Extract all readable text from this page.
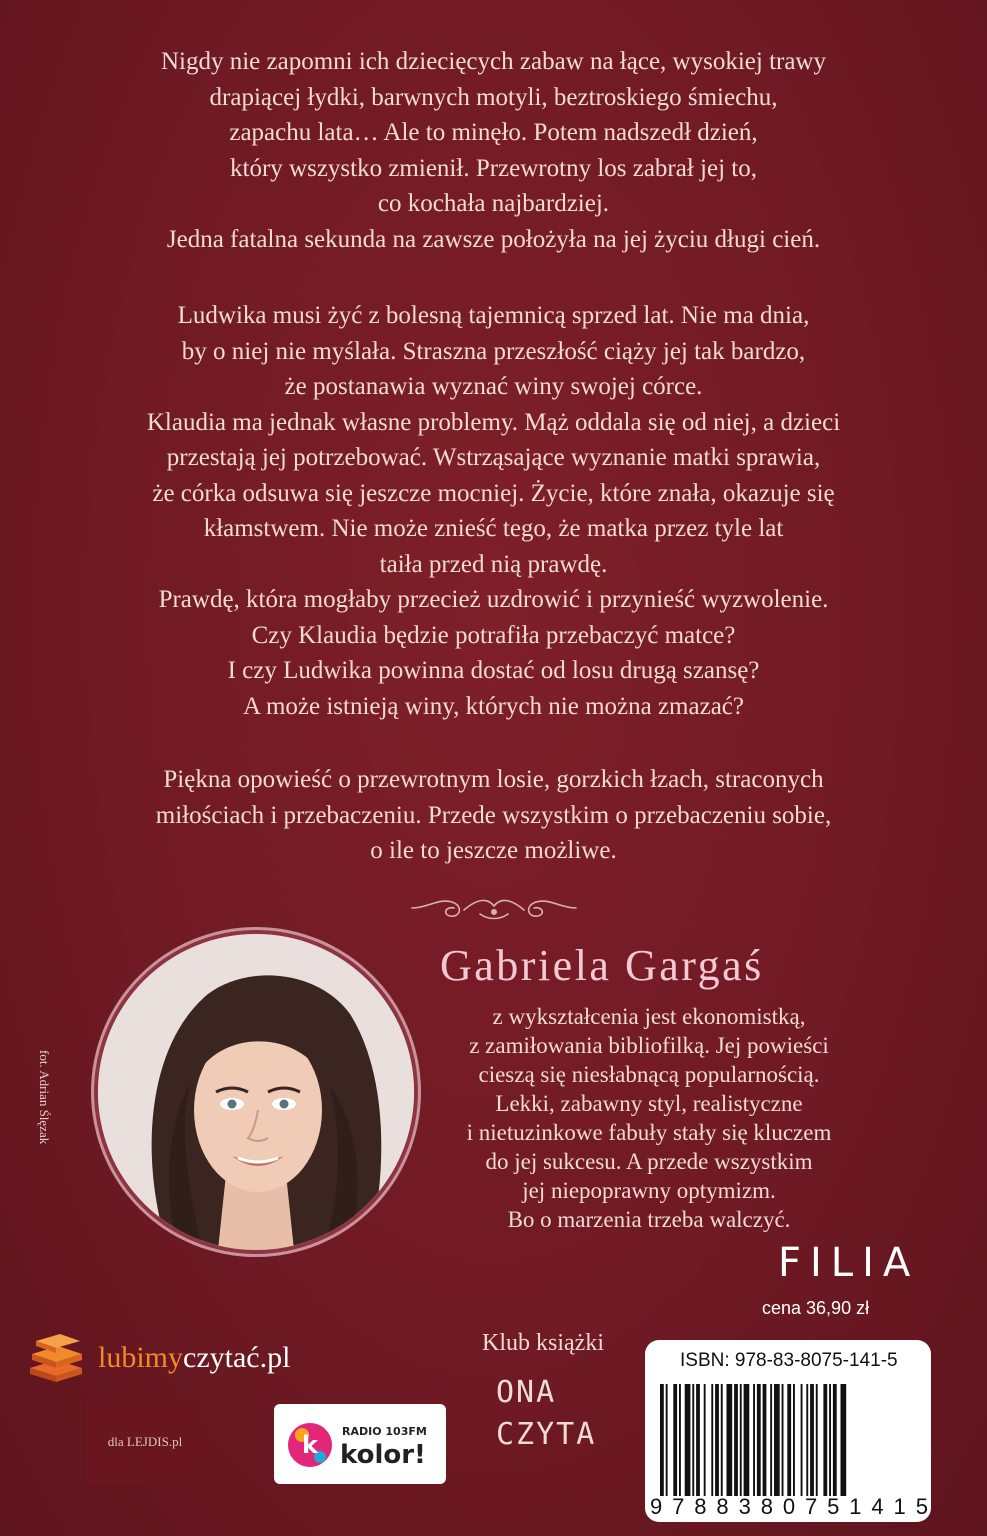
Nigdy nie zapomni ich dziecięcych zabaw na łące, wysokiej trawy
drapiącej łydki, barwnych motyli, beztroskiego śmiechu,
zapachu lata… Ale to minęło. Potem nadszedł dzień,
który wszystko zmienił. Przewrotny los zabrał jej to,
co kochała najbardziej.
Jedna fatalna sekunda na zawsze położyła na jej życiu długi cień.

Ludwika musi żyć z bolesną tajemnicą sprzed lat. Nie ma dnia,
by o niej nie myślała. Straszna przeszłość ciąży jej tak bardzo,
że postanawia wyznać winy swojej córce.
Klaudia ma jednak własne problemy. Mąż oddala się od niej, a dzieci
przestają jej potrzebować. Wstrząsające wyznanie matki sprawia,
że córka odsuwa się jeszcze mocniej. Życie, które znała, okazuje się
kłamstwem. Nie może znieść tego, że matka przez tyle lat
taiła przed nią prawdę.
Prawdę, która mogłaby przecież uzdrowić i przynieść wyzwolenie.
Czy Klaudia będzie potrafiła przebaczyć matce?
I czy Ludwika powinna dostać od losu drugą szansę?
A może istnieją winy, których nie można zmazać?

Piękna opowieść o przewrotnym losie, gorzkich łzach, straconych
miłościach i przebaczeniu. Przede wszystkim o przebaczeniu sobie,
o ile to jeszcze możliwe.

fot. Adrian Ślęzak
Gabriela Gargaś

z wykształcenia jest ekonomistką,
z zamiłowania bibliofilką. Jej powieści
cieszą się niesłabnącą popularnością.
Lekki, zabawny styl, realistyczne
i nietuzinkowe fabuły stały się kluczem
do jej sukcesu. A przede wszystkim
jej niepoprawny optymizm.
Bo o marzenia trzeba walczyć.

FILIA
cena 36,90 zł
lubimyczytać.pl
dla LEJDIS.pl	k RADIO 103FM
kolor!
Klub książki

ONA
CZYTA

ISBN: 978-83-8075-141-5
9 7 8 8 3 8 0 7 5 1 4 1 5
